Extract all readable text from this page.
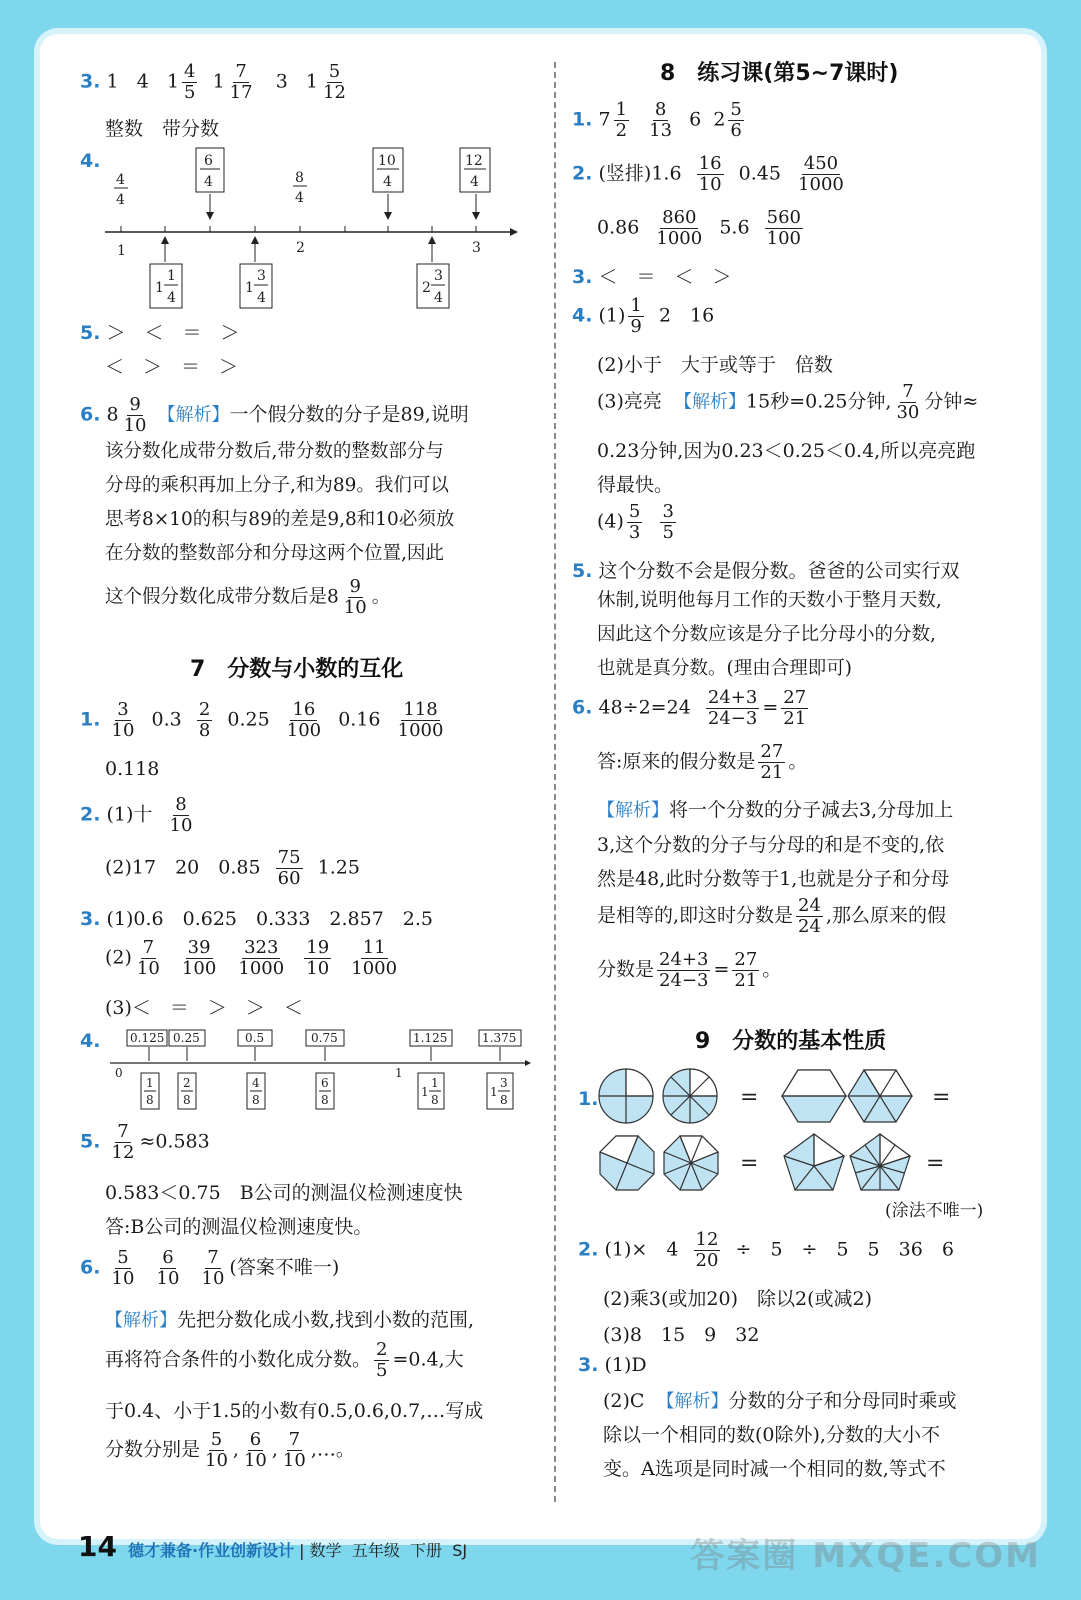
3. 1 4 $1 \frac{4}{5} 1 \frac{7}{17} 3$ $1 \frac{5}{12}$
整数　带分数
4.
1	2	3
4
4
6
4	8
4
10
4
12
4
1
1
4
1
3
4
2
3
4
5. ＞　＜　＝　＞
＜　＞　＝　＞
6. $8 \frac{9}{10}$ 【解析】一个假分数的分子是89,说明
该分数化成带分数后,带分数的整数部分与
分母的乘积再加上分子,和为89。我们可以
思考8×10的积与89的差是9,8和10必须放
在分数的整数部分和分母这两个位置,因此
这个假分数化成带分数后是$8 \frac{9}{10}$ 。
7　分数与小数的互化
1. $\frac{3}{10} 0.3 \frac{2}{8} 0.25 \frac{16}{100} 0.16 \frac{118}{1000}$
0.118
2. (1)十 $\frac{8}{10}$
(2)17　20　$0.85 \frac{75}{60} 1.25$
3. (1)0.6　0.625　0.333　2.857　2.5
$(2) \frac{7}{10}$
$\frac{39}{100}$
$\frac{323}{1000}$
$\frac{19}{10}$
$\frac{11}{1000}$
(3)＜　＝　＞　＞　＜
4.
0	1
0.125 0.25	0.5	0.75	1.125	1.375
1
8
2
8
4
8
6
8
1
1
8
1
3
8
5. $\frac{7}{12} \approx 0.583$
0.583＜0.75　B公司的测温仪检测速度快
答:B公司的测温仪检测速度快。
6. $\frac{5}{10}$
$\frac{6}{10}$
$\frac{7}{10}$ (答案不唯一)
【解析】先把分数化成小数,找到小数的范围,
再将符合条件的小数化成分数。 $\frac{2}{5} =0.4$,大
于0.4、小于1.5的小数有0.5,0.6,0.7,…写成
分数分别是 $\frac{5}{10}$ , $\frac{6}{10}$ , $\frac{7}{10}$ ,…。
8　练习课(第5~7课时)
1. $7 \frac{1}{2}$
$\frac{8}{13} 6$ $2 \frac{5}{6}$
2. (竖排)$1.6 \frac{16}{10} 0.45 \frac{450}{1000}$
$0.86 \frac{860}{1000} 5.6 \frac{560}{100}$
3. ＜　＝　＜　＞
4. $(1) \frac{1}{9} 2$　16
(2)小于　大于或等于　倍数
(3)亮亮 【解析】15秒=0.25分钟, $\frac{7}{30}$ 分钟≈
0.23分钟,因为0.23＜0.25＜0.4,所以亮亮跑
得最快。
$(4) \frac{5}{3}$
$\frac{3}{5}$
5. 这个分数不会是假分数。爸爸的公司实行双
休制,说明他每月工作的天数小于整月天数,
因此这个分数应该是分子比分母小的分数,
也就是真分数。(理由合理即可)
6. $48\div 2=24 \frac{24+3}{24-3} = \frac{27}{21}$
答:原来的假分数是 $\frac{27}{21}$ 。
【解析】将一个分数的分子减去3,分母加上
3,这个分数的分子与分母的和是不变的,依
然是48,此时分数等于1,也就是分子和分母
是相等的,即这时分数是 $\frac{24}{24}$ ,那么原来的假
分数是 $\frac{24+3}{24-3} = \frac{27}{21}$ 。
9　分数的基本性质
1.	=	=
=	=
(涂法不唯一)
2. (1)×　$4 \frac{12}{20}$ ÷　5　÷　5　5　36　6
(2)乘3(或加20)　除以2(或减2)
(3)8　15　9　32
3. (1)D
(2)C 【解析】分数的分子和分母同时乘或
除以一个相同的数(0除外),分数的大小不
变。A选项是同时减一个相同的数,等式不
14 德才兼备·作业创新设计 | 数学 五年级 下册 SJ	答案圈 MXQE.COM
